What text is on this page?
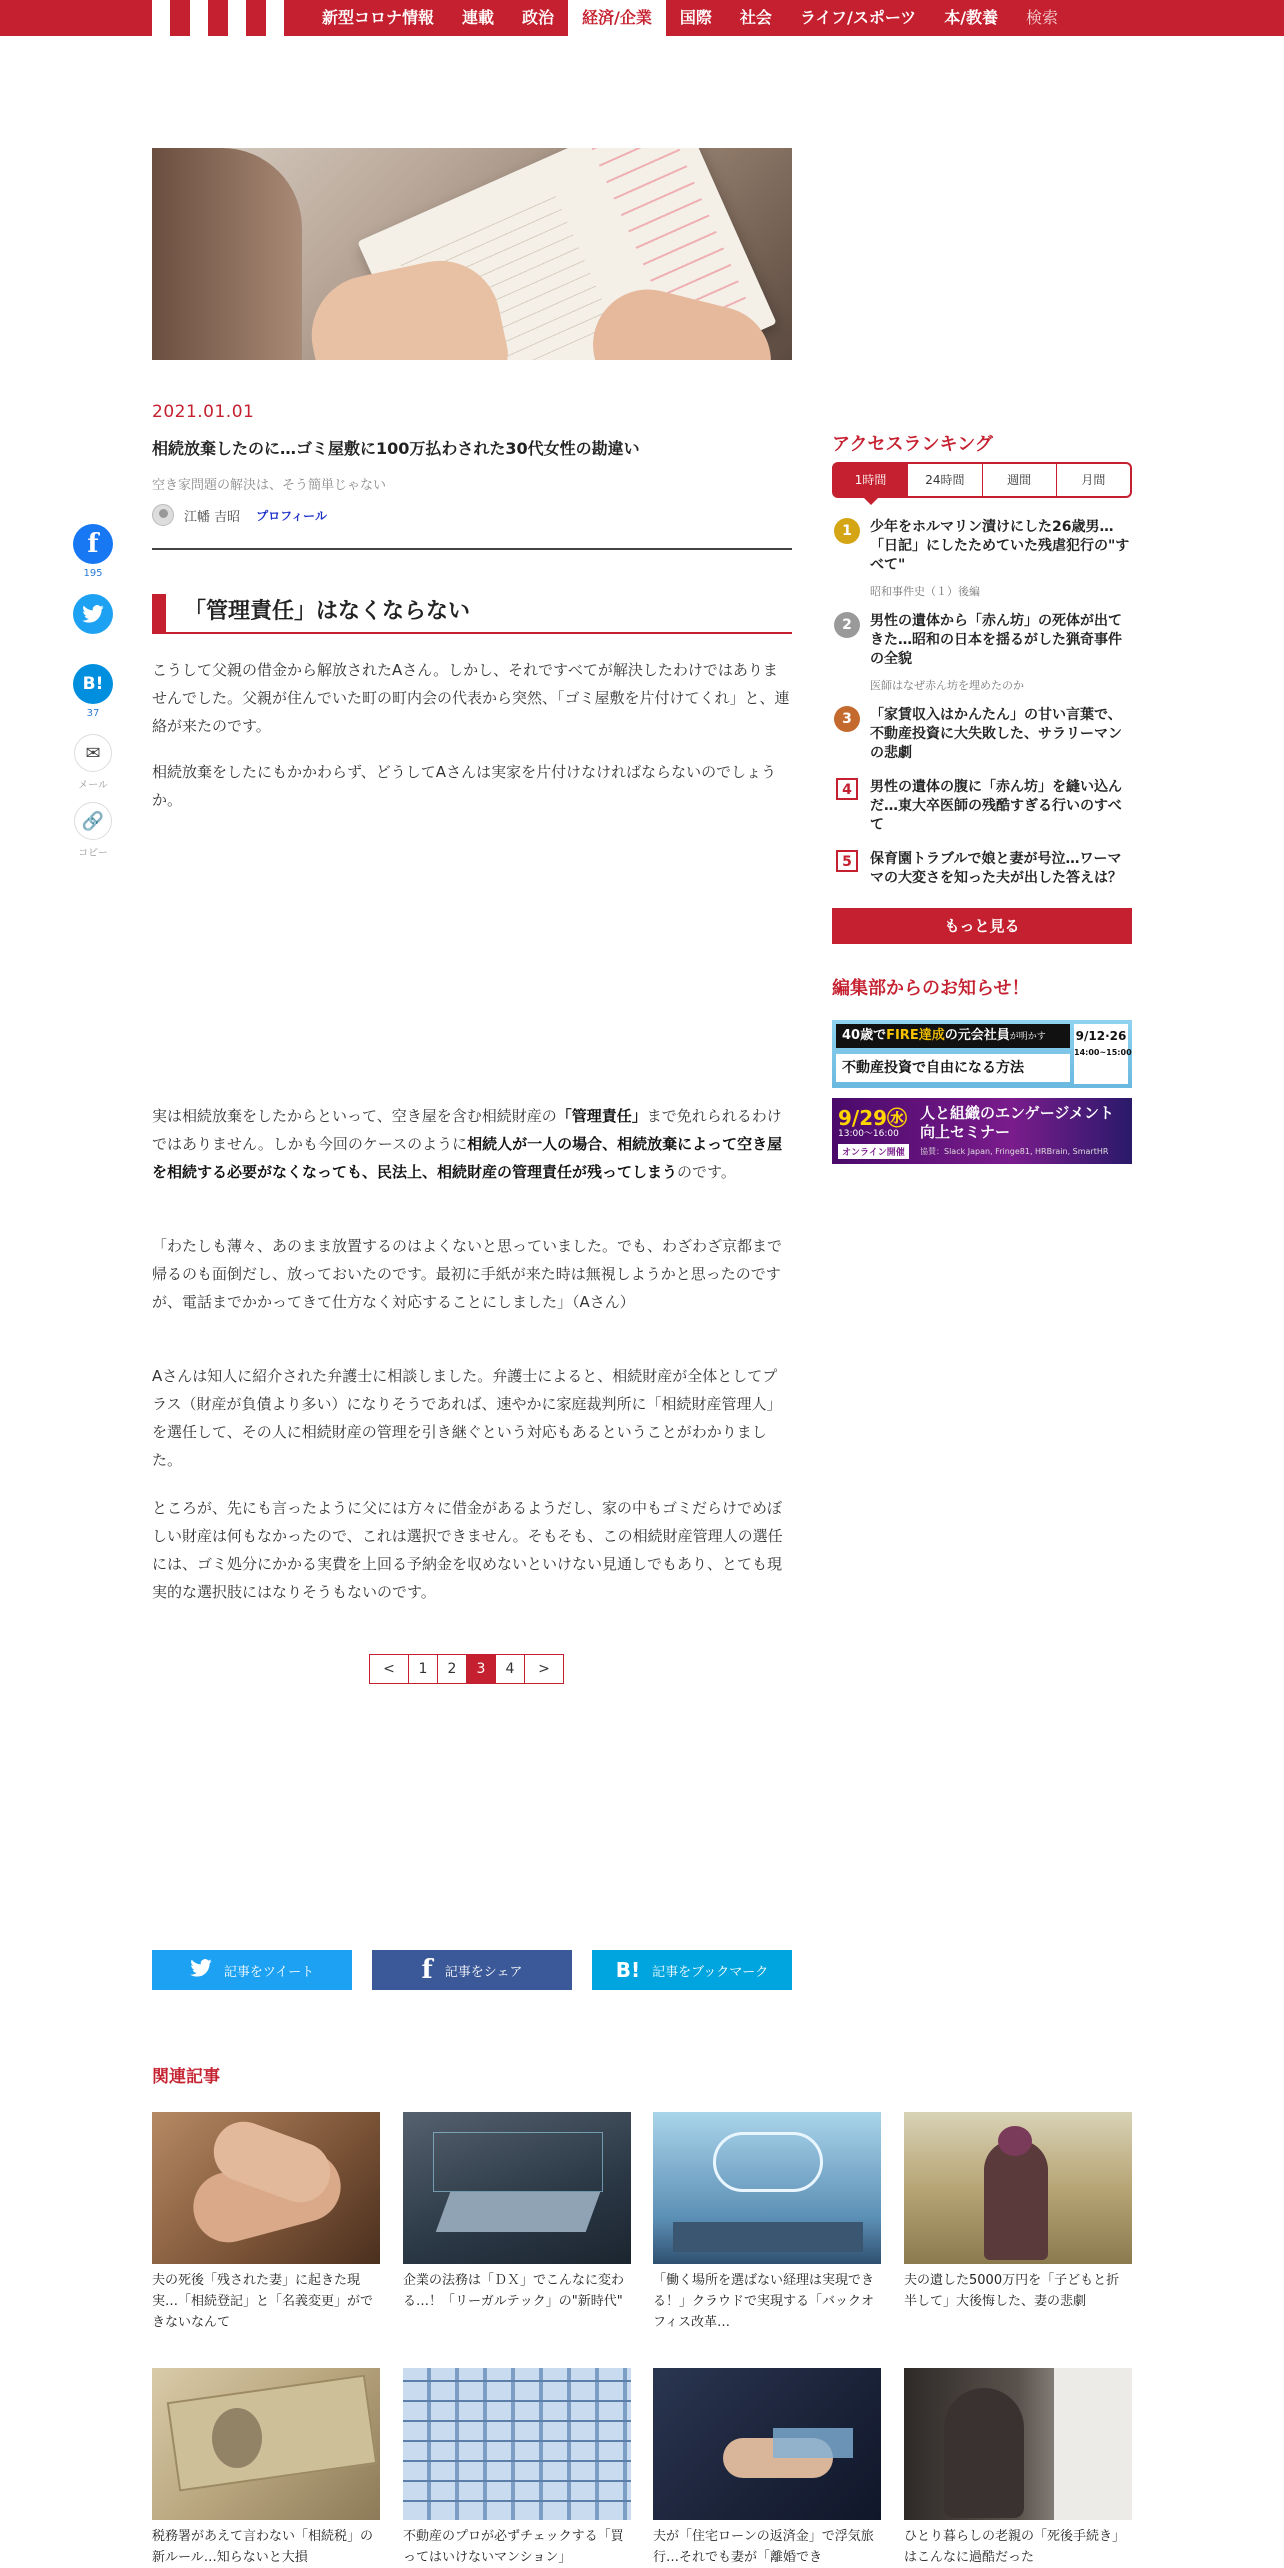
新型コロナ情報	連載	政治	経済/企業	国際	社会	ライフ/スポーツ	本/教養	検索
2021.01.01
相続放棄したのに…ゴミ屋敷に100万払わされた30代女性の勘違い
空き家問題の解決は、そう簡単じゃない
江幡 吉昭 プロフィール
f
195
B!
37
✉
メール
🔗
コピー
「管理責任」はなくならない
こうして父親の借金から解放されたAさん。しかし、それですべてが解決したわけではありませんでした。父親が住んでいた町の町内会の代表から突然、「ゴミ屋敷を片付けてくれ」と、連絡が来たのです。
相続放棄をしたにもかかわらず、どうしてAさんは実家を片付けなければならないのでしょうか。
実は相続放棄をしたからといって、空き屋を含む相続財産の「管理責任」まで免れられるわけではありません。しかも今回のケースのように相続人が一人の場合、相続放棄によって空き屋を相続する必要がなくなっても、民法上、相続財産の管理責任が残ってしまうのです。
「わたしも薄々、あのまま放置するのはよくないと思っていました。でも、わざわざ京都まで帰るのも面倒だし、放っておいたのです。最初に手紙が来た時は無視しようかと思ったのですが、電話までかかってきて仕方なく対応することにしました」（Aさん）
Aさんは知人に紹介された弁護士に相談しました。弁護士によると、相続財産が全体としてプラス（財産が負債より多い）になりそうであれば、速やかに家庭裁判所に「相続財産管理人」を選任して、その人に相続財産の管理を引き継ぐという対応もあるということがわかりました。
ところが、先にも言ったように父には方々に借金があるようだし、家の中もゴミだらけでめぼしい財産は何もなかったので、これは選択できません。そもそも、この相続財産管理人の選任には、ゴミ処分にかかる実費を上回る予納金を収めないといけない見通しでもあり、とても現実的な選択肢にはなりそうもないのです。
<	1	2	3	4	>
記事をツイート	f 記事をシェア	B! 記事をブックマーク
アクセスランキング
1時間	24時間	週間	月間
1	少年をホルマリン漬けにした26歳男…「日記」にしたためていた残虐犯行の"すべて"
昭和事件史（１）後編
2	男性の遺体から「赤ん坊」の死体が出てきた…昭和の日本を揺るがした猟奇事件の全貌
医師はなぜ赤ん坊を埋めたのか
3	「家賃収入はかんたん」の甘い言葉で、不動産投資に大失敗した、サラリーマンの悲劇
4	男性の遺体の腹に「赤ん坊」を縫い込んだ…東大卒医師の残酷すぎる行いのすべて
5	保育園トラブルで娘と妻が号泣…ワーママの大変さを知った夫が出した答えは？
もっと見る
編集部からのお知らせ！
40歳でFIRE達成の元会社員が明かす	9/12·26
14:00~15:00
不動産投資で自由になる方法
9/29㊌
13:00〜16:00
オンライン開催
人と組織のエンゲージメント向上セミナー
協賛：Slack Japan, Fringe81, HRBrain, SmartHR
関連記事
夫の死後「残された妻」に起きた現実…「相続登記」と「名義変更」ができないなんて
企業の法務は「ＤＸ」でこんなに変わる…！「リーガルテック」の"新時代"
「働く場所を選ばない経理は実現できる！」クラウドで実現する「バックオフィス改革…
夫の遺した5000万円を「子どもと折半して」大後悔した、妻の悲劇
税務署があえて言わない「相続税」の新ルール…知らないと大損
不動産のプロが必ずチェックする「買ってはいけないマンション」
夫が「住宅ローンの返済金」で浮気旅行…それでも妻が「離婚でき
ひとり暮らしの老親の「死後手続き」はこんなに過酷だった
